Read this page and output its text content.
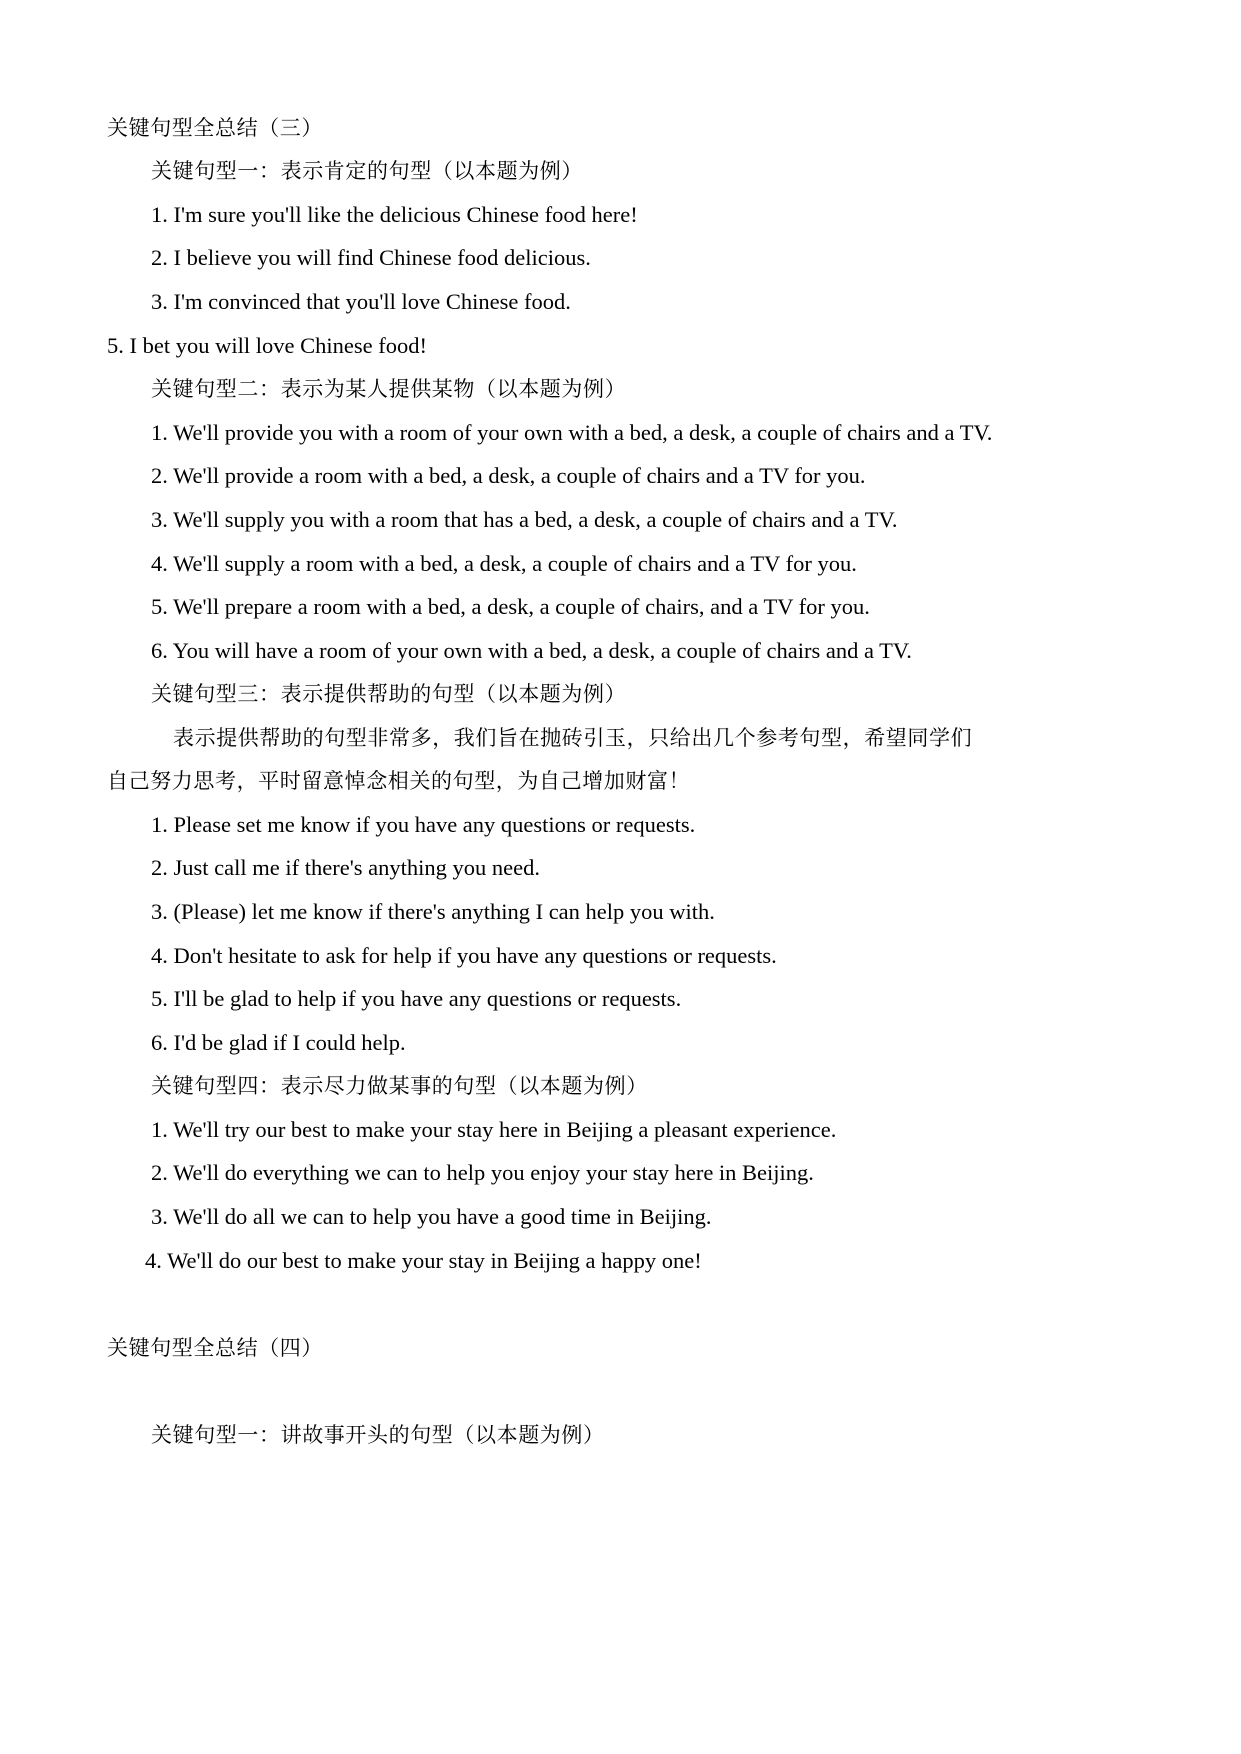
关键句型全总结（三）
关键句型一：表示肯定的句型（以本题为例）
1. I'm sure you'll like the delicious Chinese food here!
2. I believe you will find Chinese food delicious.
3. I'm convinced that you'll love Chinese food.
5. I bet you will love Chinese food!
关键句型二：表示为某人提供某物（以本题为例）
1. We'll provide you with a room of your own with a bed, a desk, a couple of chairs and a TV.
2. We'll provide a room with a bed, a desk, a couple of chairs and a TV for you.
3. We'll supply you with a room that has a bed, a desk, a couple of chairs and a TV.
4. We'll supply a room with a bed, a desk, a couple of chairs and a TV for you.
5. We'll prepare a room with a bed, a desk, a couple of chairs, and a TV for you.
6. You will have a room of your own with a bed, a desk, a couple of chairs and a TV.
关键句型三：表示提供帮助的句型（以本题为例）
表示提供帮助的句型非常多，我们旨在抛砖引玉，只给出几个参考句型，希望同学们
自己努力思考，平时留意悼念相关的句型，为自己增加财富！
1. Please set me know if you have any questions or requests.
2. Just call me if there's anything you need.
3. (Please) let me know if there's anything I can help you with.
4. Don't hesitate to ask for help if you have any questions or requests.
5. I'll be glad to help if you have any questions or requests.
6. I'd be glad if I could help.
关键句型四：表示尽力做某事的句型（以本题为例）
1. We'll try our best to make your stay here in Beijing a pleasant experience.
2. We'll do everything we can to help you enjoy your stay here in Beijing.
3. We'll do all we can to help you have a good time in Beijing.
4. We'll do our best to make your stay in Beijing a happy one!
关键句型全总结（四）
关键句型一：讲故事开头的句型（以本题为例）
